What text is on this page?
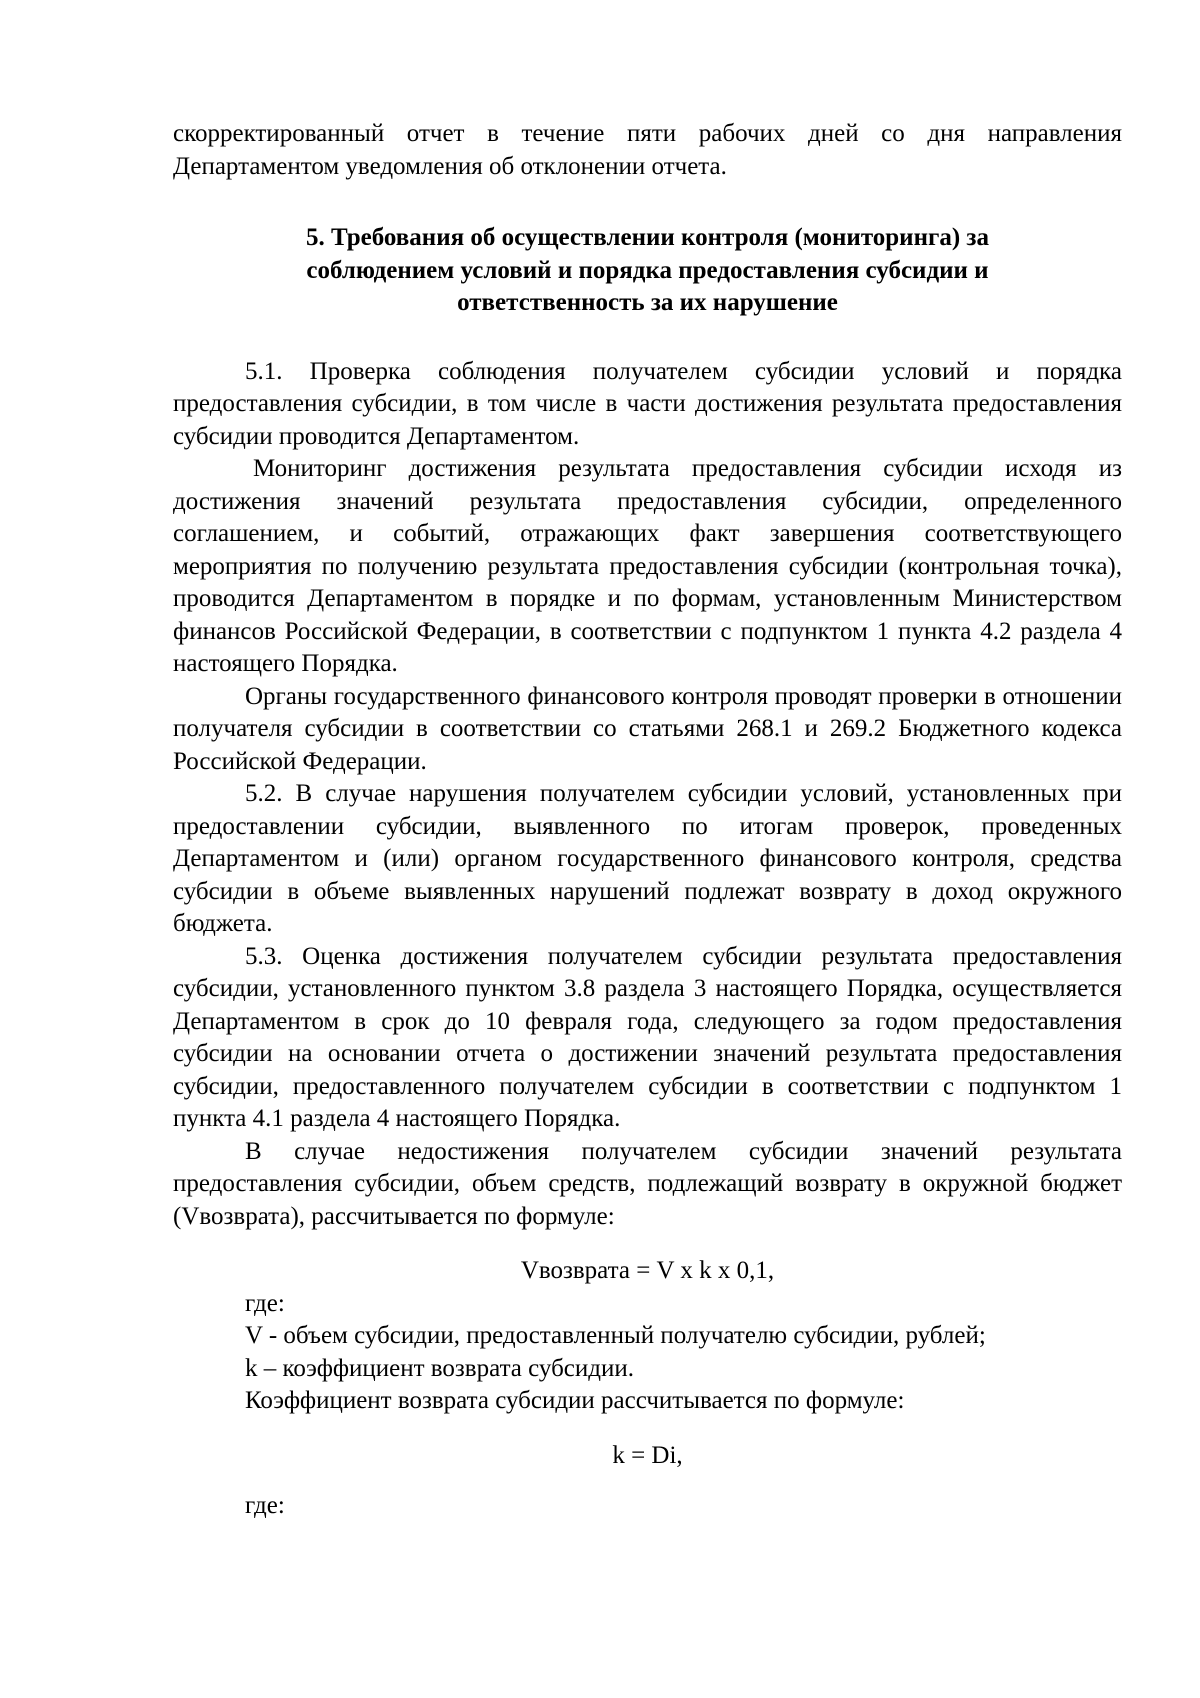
скорректированный отчет в течение пяти рабочих дней со дня направления Департаментом уведомления об отклонении отчета.

5. Требования об осуществлении контроля (мониторинга) за
соблюдением условий и порядка предоставления субсидии и
ответственность за их нарушение

5.1. Проверка соблюдения получателем субсидии условий и порядка предоставления субсидии, в том числе в части достижения результата предоставления субсидии проводится Департаментом.

Мониторинг достижения результата предоставления субсидии исходя из достижения значений результата предоставления субсидии, определенного соглашением, и событий, отражающих факт завершения соответствующего мероприятия по получению результата предоставления субсидии (контрольная точка), проводится Департаментом в порядке и по формам, установленным Министерством финансов Российской Федерации, в соответствии с подпунктом 1 пункта 4.2 раздела 4 настоящего Порядка.

Органы государственного финансового контроля проводят проверки в отношении получателя субсидии в соответствии со статьями 268.1 и 269.2 Бюджетного кодекса Российской Федерации.

5.2. В случае нарушения получателем субсидии условий, установленных при предоставлении субсидии, выявленного по итогам проверок, проведенных Департаментом и (или) органом государственного финансового контроля, средства субсидии в объеме выявленных нарушений подлежат возврату в доход окружного бюджета.

5.3. Оценка достижения получателем субсидии результата предоставления субсидии, установленного пунктом 3.8 раздела 3 настоящего Порядка, осуществляется Департаментом в срок до 10 февраля года, следующего за годом предоставления субсидии на основании отчета о достижении значений результата предоставления субсидии, предоставленного получателем субсидии в соответствии с подпунктом 1 пункта 4.1 раздела 4 настоящего Порядка.

В случае недостижения получателем субсидии значений результата предоставления субсидии, объем средств, подлежащий возврату в окружной бюджет (Vвозврата), рассчитывается по формуле:

Vвозврата = V x k x 0,1,

где:

V - объем субсидии, предоставленный получателю субсидии, рублей;

k – коэффициент возврата субсидии.

Коэффициент возврата субсидии рассчитывается по формуле:

k = Di,

где:
